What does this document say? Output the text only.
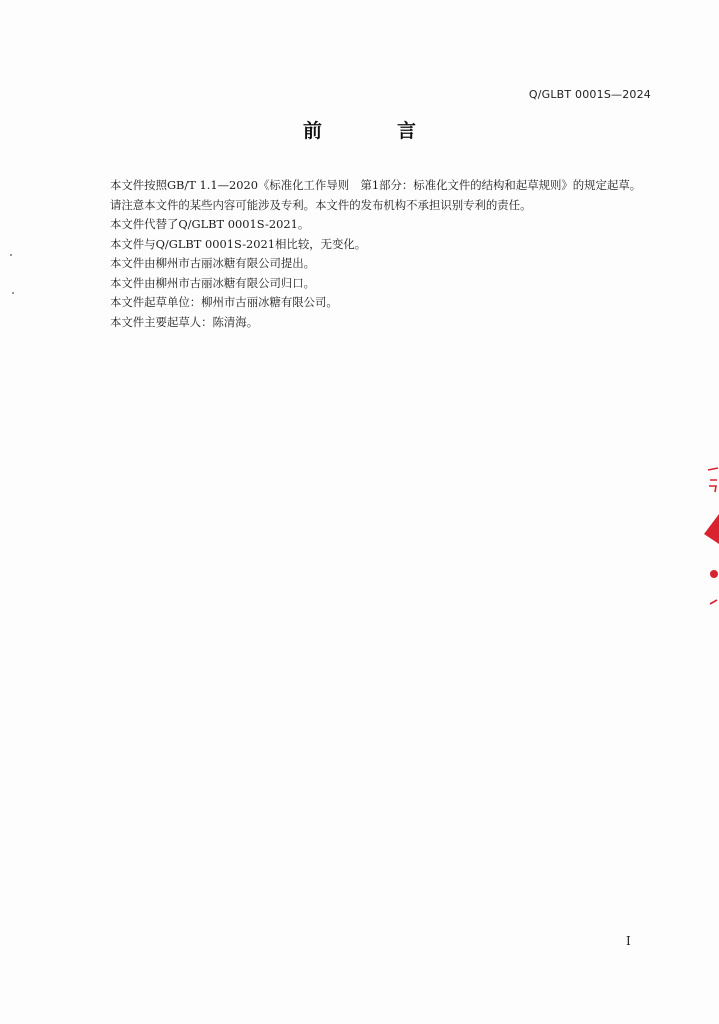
Q/GLBT 0001S—2024
前　言

本文件按照GB/T 1.1—2020《标准化工作导则　第1部分：标准化文件的结构和起草规则》的规定起草。

请注意本文件的某些内容可能涉及专利。本文件的发布机构不承担识别专利的责任。

本文件代替了Q/GLBT 0001S-2021。

本文件与Q/GLBT 0001S-2021相比较，无变化。

本文件由柳州市古丽冰糖有限公司提出。

本文件由柳州市古丽冰糖有限公司归口。

本文件起草单位：柳州市古丽冰糖有限公司。

本文件主要起草人：陈清海。

I
